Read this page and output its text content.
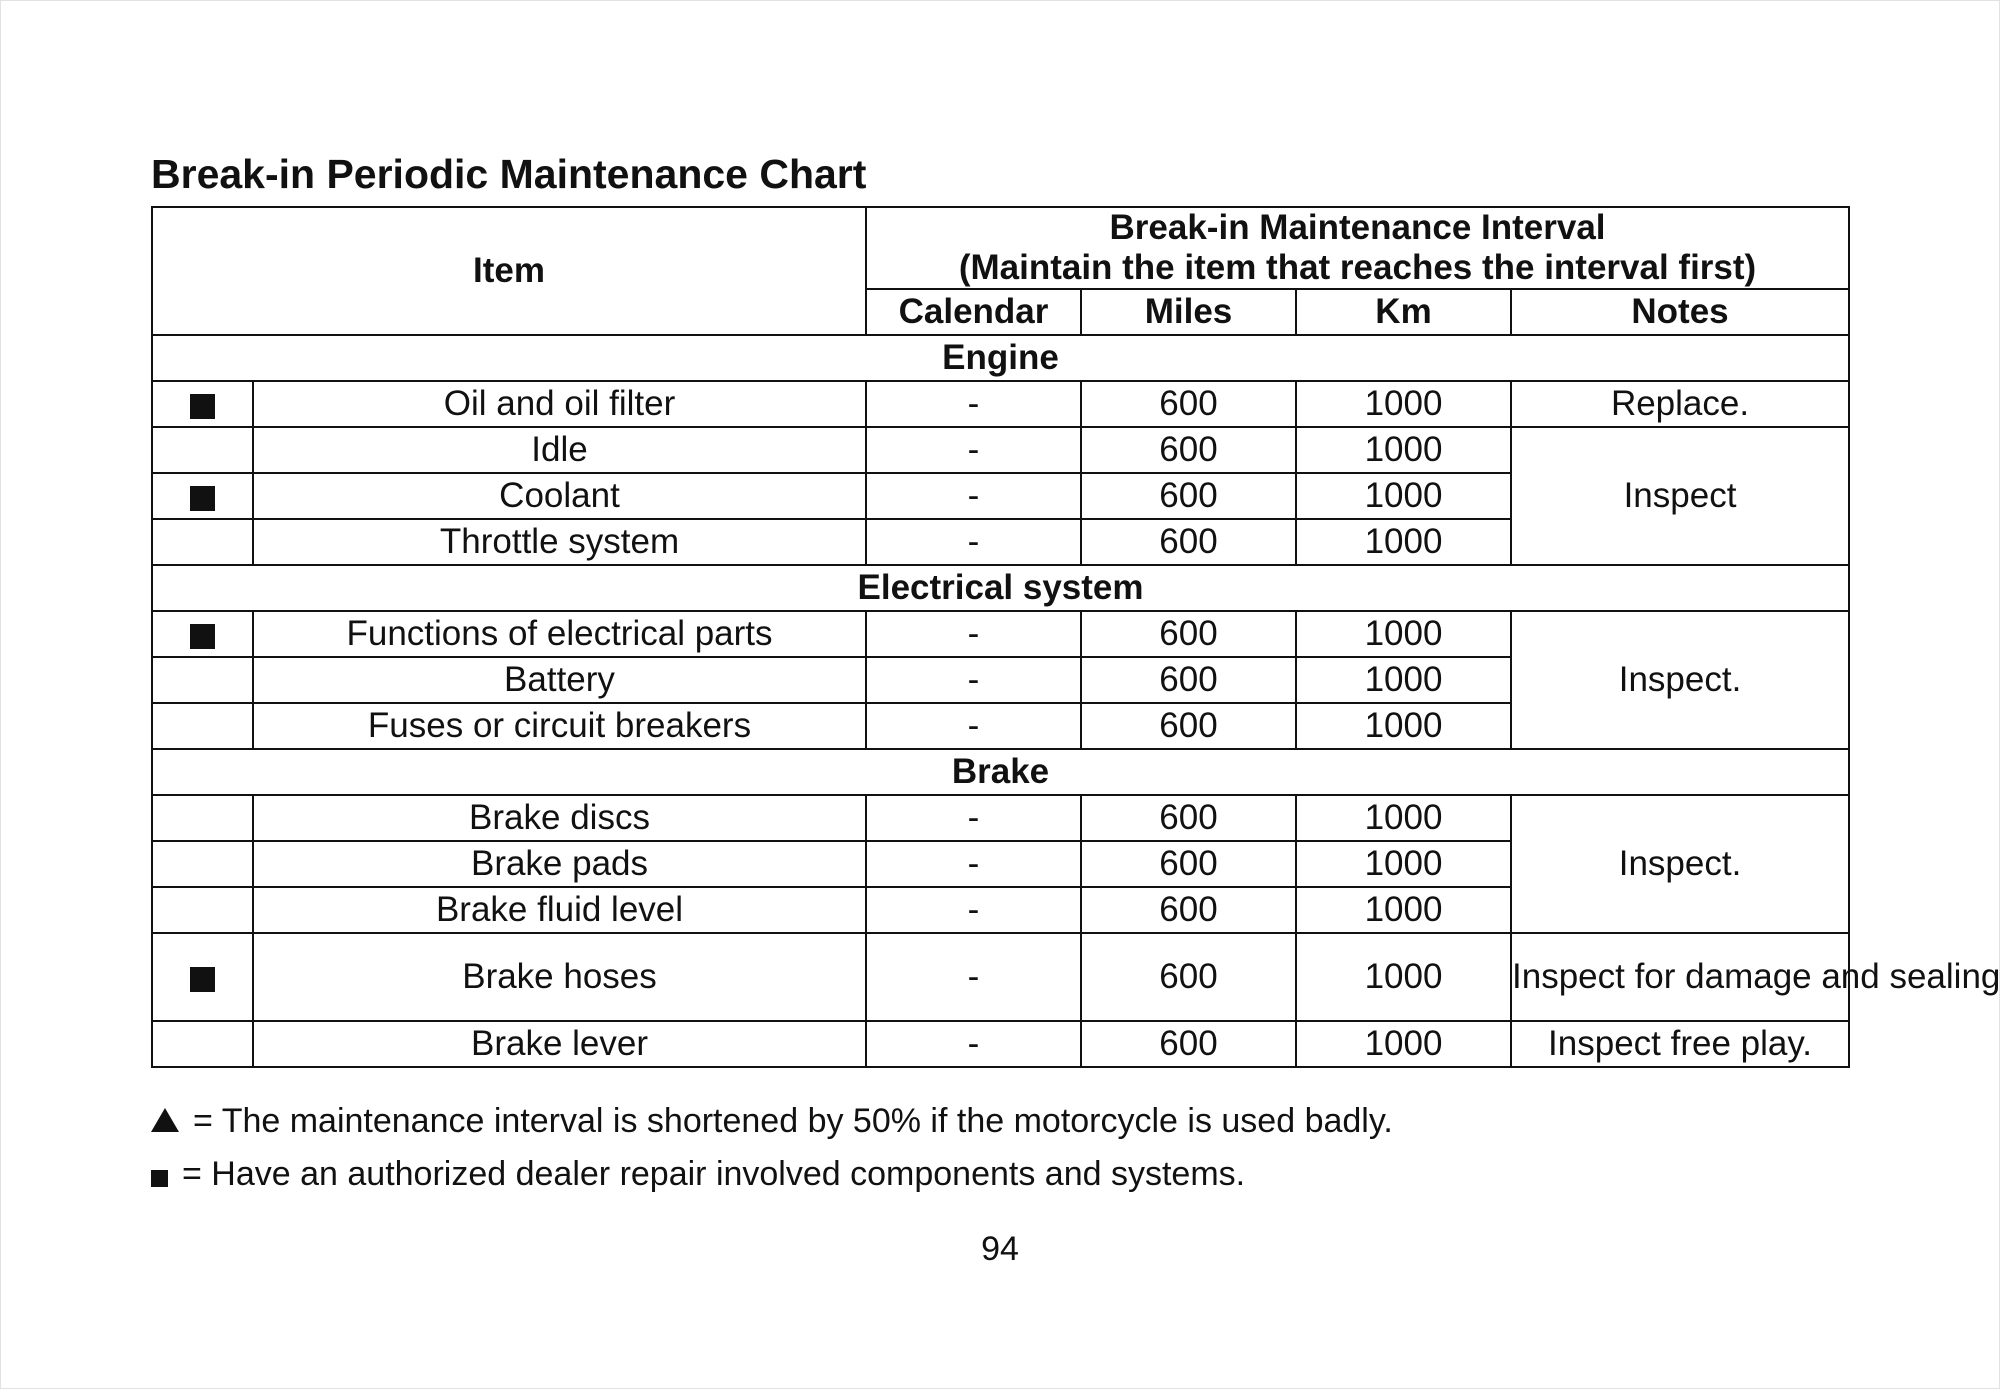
Break-in Periodic Maintenance Chart
Item		Break-in Maintenance Interval
(Maintain the item that reaches the interval first)			

		Calendar	Miles	Km	Notes
Engine					
	Oil and oil filter	-	600	1000	Replace.
	Idle	-	600	1000	Inspect
	Coolant	-	600	1000	
	Throttle system	-	600	1000	
Electrical system					
	Functions of electrical parts	-	600	1000	Inspect.
	Battery	-	600	1000	
	Fuses or circuit breakers	-	600	1000	
Brake					
	Brake discs	-	600	1000	Inspect.
	Brake pads	-	600	1000	
	Brake fluid level	-	600	1000	
	Brake hoses	-	600	1000	Inspect for damage and sealing
	Brake lever	-	600	1000	Inspect free play.
= The maintenance interval is shortened by 50% if the motorcycle is used badly.
= Have an authorized dealer repair involved components and systems.
94
